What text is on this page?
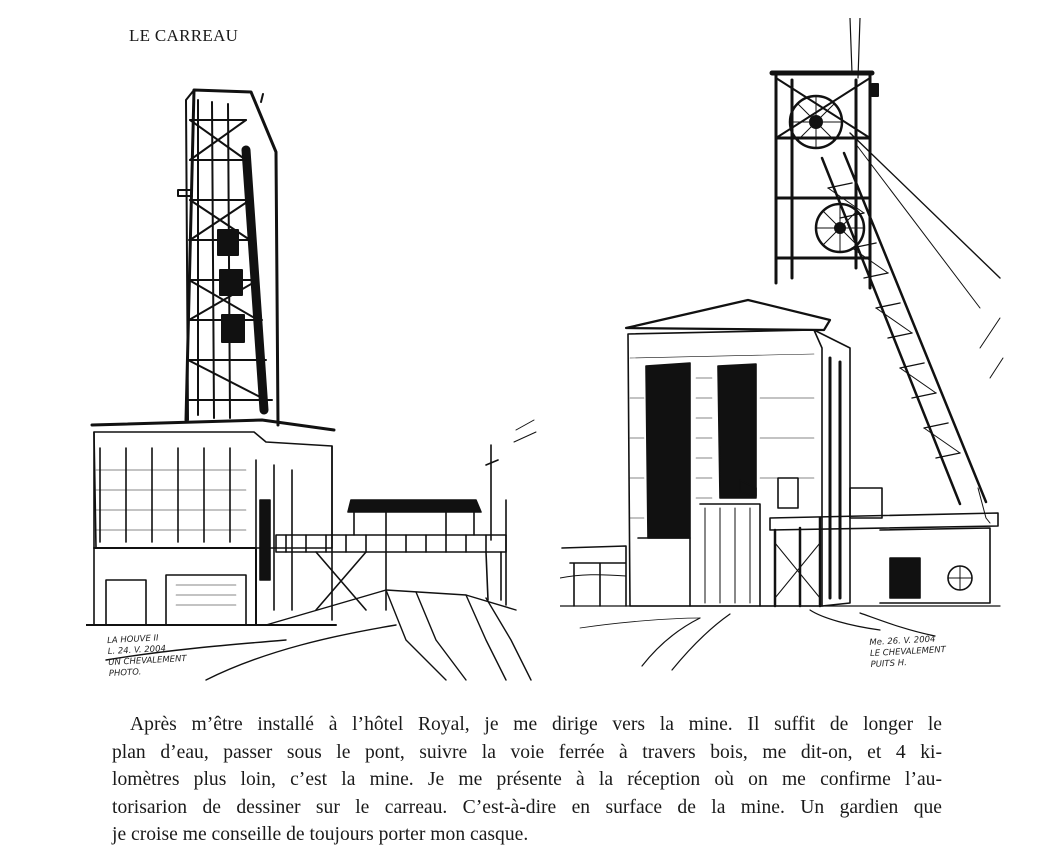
LE CARREAU
LA HOUVE II
L. 24. V. 2004
UN CHEVALEMENT
PHOTO.
Me. 26. V. 2004
LE CHEVALEMENT
PUITS H.
Après m’être installé à l’hôtel Royal, je me dirige vers la mine. Il suffit de longer le
plan d’eau, passer sous le pont, suivre la voie ferrée à travers bois, me dit-on, et 4 ki-
lomètres plus loin, c’est la mine. Je me présente à la réception où on me confirme l’au-
torisarion de dessiner sur le carreau. C’est-à-dire en surface de la mine. Un gardien que
je croise me conseille de toujours porter mon casque.
